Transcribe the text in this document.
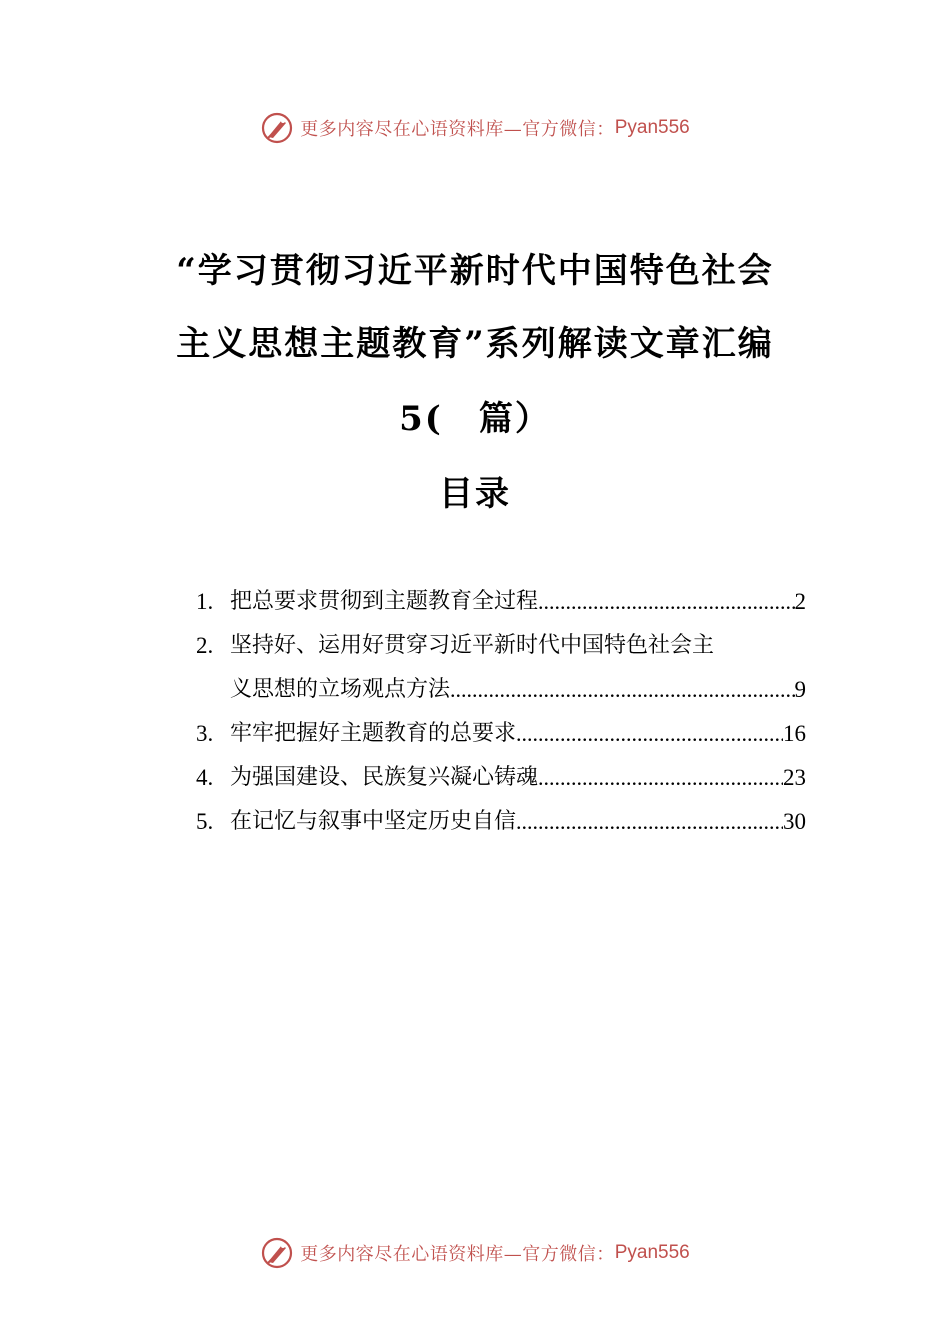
更多内容尽在心语资料库—官方微信： Pyan556
“学习贯彻习近平新时代中国特色社会
主义思想主题教育”系列解读文章汇编
5(　篇）
目录
1. 把总要求贯彻到主题教育全过程 .....	2
2. 坚持好、运用好贯穿习近平新时代中国特色社会主
义思想的立场观点方法 .....	9
3. 牢牢把握好主题教育的总要求 .....	16
4. 为强国建设、民族复兴凝心铸魂 .....	23
5. 在记忆与叙事中坚定历史自信 .....	30
更多内容尽在心语资料库—官方微信： Pyan556
